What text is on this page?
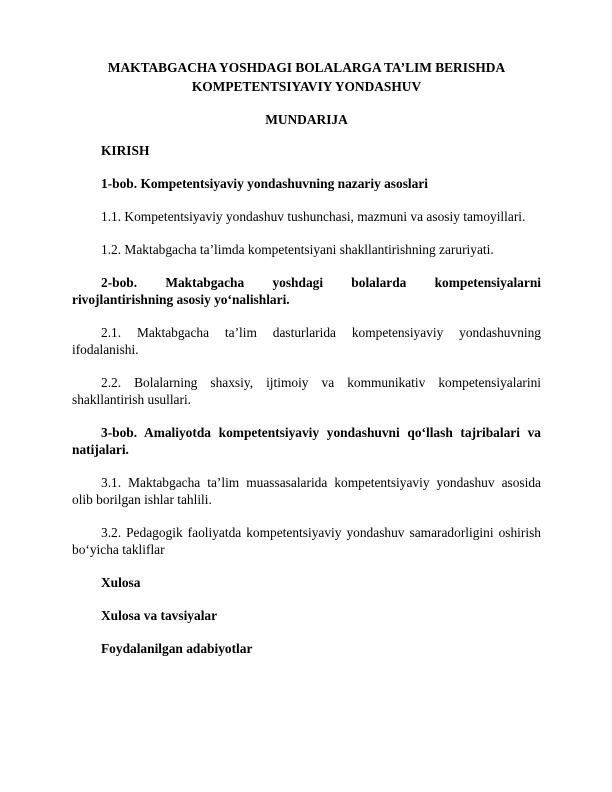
MAKTABGACHA YOSHDAGI BOLALARGA TA’LIM BERISHDA
KOMPETENTSIYAVIY YONDASHUV
MUNDARIJA
KIRISH
1-bob. Kompetentsiyaviy yondashuvning nazariy asoslari
1.1. Kompetentsiyaviy yondashuv tushunchasi, mazmuni va asosiy tamoyillari.
1.2. Maktabgacha ta’limda kompetentsiyani shakllantirishning zaruriyati.
2-bob. Maktabgacha yoshdagi bolalarda kompetensiyalarni rivojlantirishning asosiy yo‘nalishlari.
2.1. Maktabgacha ta’lim dasturlarida kompetensiyaviy yondashuvning ifodalanishi.
2.2. Bolalarning shaxsiy, ijtimoiy va kommunikativ kompetensiyalarini shakllantirish usullari.
3-bob. Amaliyotda kompetentsiyaviy yondashuvni qo‘llash tajribalari va natijalari.
3.1. Maktabgacha ta’lim muassasalarida kompetentsiyaviy yondashuv asosida olib borilgan ishlar tahlili.
3.2. Pedagogik faoliyatda kompetentsiyaviy yondashuv samaradorligini oshirish bo‘yicha takliflar
Xulosa
Xulosa va tavsiyalar
Foydalanilgan adabiyotlar
